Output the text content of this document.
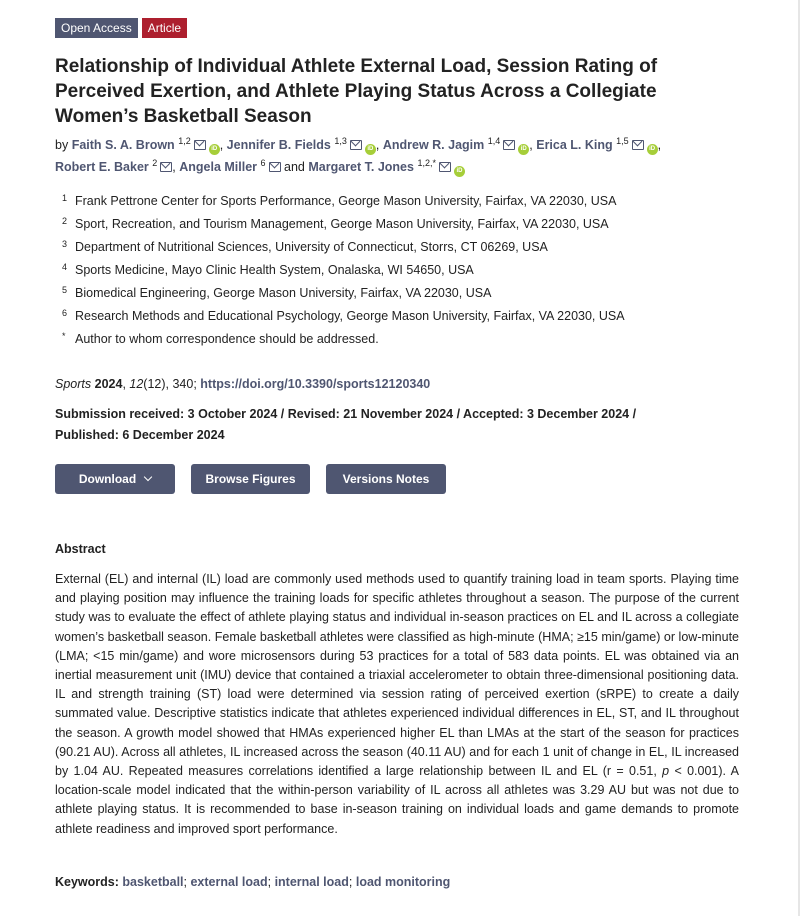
Open Access	Article
Relationship of Individual Athlete External Load, Session Rating of Perceived Exertion, and Athlete Playing Status Across a Collegiate Women’s Basketball Season
by Faith S. A. Brown $^{1,2}$iD , Jennifer B. Fields $^{1,3}$iD , Andrew R. Jagim $^{1,4}$iD , Erica L. King $^{1,5}$iD ,
Robert E. Baker $^2$ , Angela Miller $^6$ and Margaret T. Jones $^{1,2,*}$iD
1 Frank Pettrone Center for Sports Performance, George Mason University, Fairfax, VA 22030, USA
2 Sport, Recreation, and Tourism Management, George Mason University, Fairfax, VA 22030, USA
3 Department of Nutritional Sciences, University of Connecticut, Storrs, CT 06269, USA
4 Sports Medicine, Mayo Clinic Health System, Onalaska, WI 54650, USA
5 Biomedical Engineering, George Mason University, Fairfax, VA 22030, USA
6 Research Methods and Educational Psychology, George Mason University, Fairfax, VA 22030, USA
* Author to whom correspondence should be addressed.
Sports 2024, 12(12), 340; https://doi.org/10.3390/sports12120340
Submission received: 3 October 2024 / Revised: 21 November 2024 / Accepted: 3 December 2024 /
Published: 6 December 2024
Download	Browse Figures	Versions Notes
Abstract

External (EL) and internal (IL) load are commonly used methods used to quantify training load in team sports. Playing time and playing position may influence the training loads for specific athletes throughout a season. The purpose of the current study was to evaluate the effect of athlete playing status and individual in-season practices on EL and IL across a collegiate women’s basketball season. Female basketball athletes were classified as high-minute (HMA; ≥15 min/game) or low-minute (LMA; <15 min/game) and wore microsensors during 53 practices for a total of 583 data points. EL was obtained via an inertial measurement unit (IMU) device that contained a triaxial accelerometer to obtain three-dimensional positioning data. IL and strength training (ST) load were determined via session rating of perceived exertion (sRPE) to create a daily summated value. Descriptive statistics indicate that athletes experienced individual differences in EL, ST, and IL throughout the season. A growth model showed that HMAs experienced higher EL than LMAs at the start of the season for practices (90.21 AU). Across all athletes, IL increased across the season (40.11 AU) and for each 1 unit of change in EL, IL increased by 1.04 AU. Repeated measures correlations identified a large relationship between IL and EL (r = 0.51, p < 0.001). A location-scale model indicated that the within-person variability of IL across all athletes was 3.29 AU but was not due to athlete playing status. It is recommended to base in-season training on individual loads and game demands to promote athlete readiness and improved sport performance.

Keywords: basketball; external load; internal load; load monitoring
